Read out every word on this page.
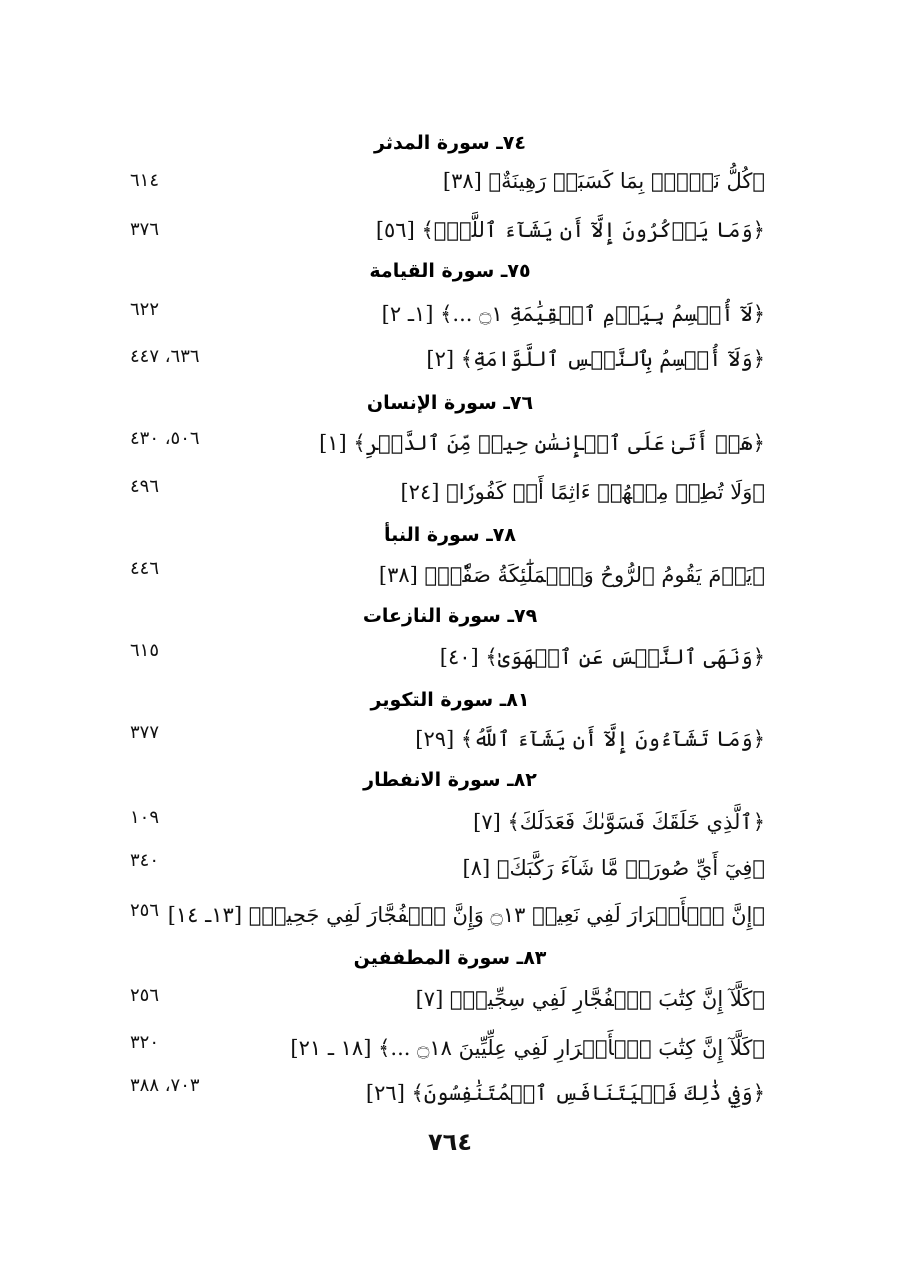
٧٤ـ سورة المدثر
﴿كُلُّ نَفۡسِۭ بِمَا كَسَبَتۡ رَهِينَةٌ﴾ [٣٨]
٦١٤
﴿وَمَا يَذۡكُرُونَ إِلَّآ أَن يَشَآءَ ٱللَّهُۚ﴾ [٥٦]
٣٧٦
٧٥ـ سورة القيامة
﴿لَآ أُقۡسِمُ بِيَوۡمِ ٱلۡقِيَٰمَةِ ۝١ ...﴾ [١ـ ٢]
٦٢٢
﴿وَلَآ أُقۡسِمُ بِٱلنَّفۡسِ ٱللَّوَّامَةِ﴾ [٢]
٦٣٦، ٤٤٧
٧٦ـ سورة الإنسان
﴿هَلۡ أَتَىٰ عَلَى ٱلۡإِنسَٰنِ حِينٞ مِّنَ ٱلدَّهۡرِ﴾ [١]
٥٠٦، ٤٣٠
﴿وَلَا تُطِعۡ مِنۡهُمۡ ءَاثِمًا أَوۡ كَفُورٗا﴾ [٢٤]
٤٩٦
٧٨ـ سورة النبأ
﴿يَوۡمَ يَقُومُ ٱلرُّوحُ وَٱلۡمَلَٰٓئِكَةُ صَفّٗاۖ﴾ [٣٨]
٤٤٦
٧٩ـ سورة النازعات
﴿وَنَهَى ٱلنَّفۡسَ عَنِ ٱلۡهَوَىٰ﴾ [٤٠]
٦١٥
٨١ـ سورة التكوير
﴿وَمَا تَشَآءُونَ إِلَّآ أَن يَشَآءَ ٱللَّهُ﴾ [٢٩]
٣٧٧
٨٢ـ سورة الانفطار
﴿ٱلَّذِي خَلَقَكَ فَسَوَّىٰكَ فَعَدَلَكَ﴾ [٧]
١٠٩
﴿فِيٓ أَيِّ صُورَةٖ مَّا شَآءَ رَكَّبَكَ﴾ [٨]
٣٤٠
﴿إِنَّ ٱلۡأَبۡرَارَ لَفِي نَعِيمٖ ۝١٣ وَإِنَّ ٱلۡفُجَّارَ لَفِي جَحِيمٖ﴾ [١٣ـ ١٤]
٢٥٦
٨٣ـ سورة المطففين
﴿كَلَّآ إِنَّ كِتَٰبَ ٱلۡفُجَّارِ لَفِي سِجِّينٖ﴾ [٧]
٢٥٦
﴿كَلَّآ إِنَّ كِتَٰبَ ٱلۡأَبۡرَارِ لَفِي عِلِّيِّينَ ۝١٨ ...﴾ [١٨ ـ ٢١]
٣٢٠
﴿وَفِي ذَٰلِكَ فَلۡيَتَنَافَسِ ٱلۡمُتَنَٰفِسُونَ﴾ [٢٦]
٧٠٣، ٣٨٨
٧٦٤
